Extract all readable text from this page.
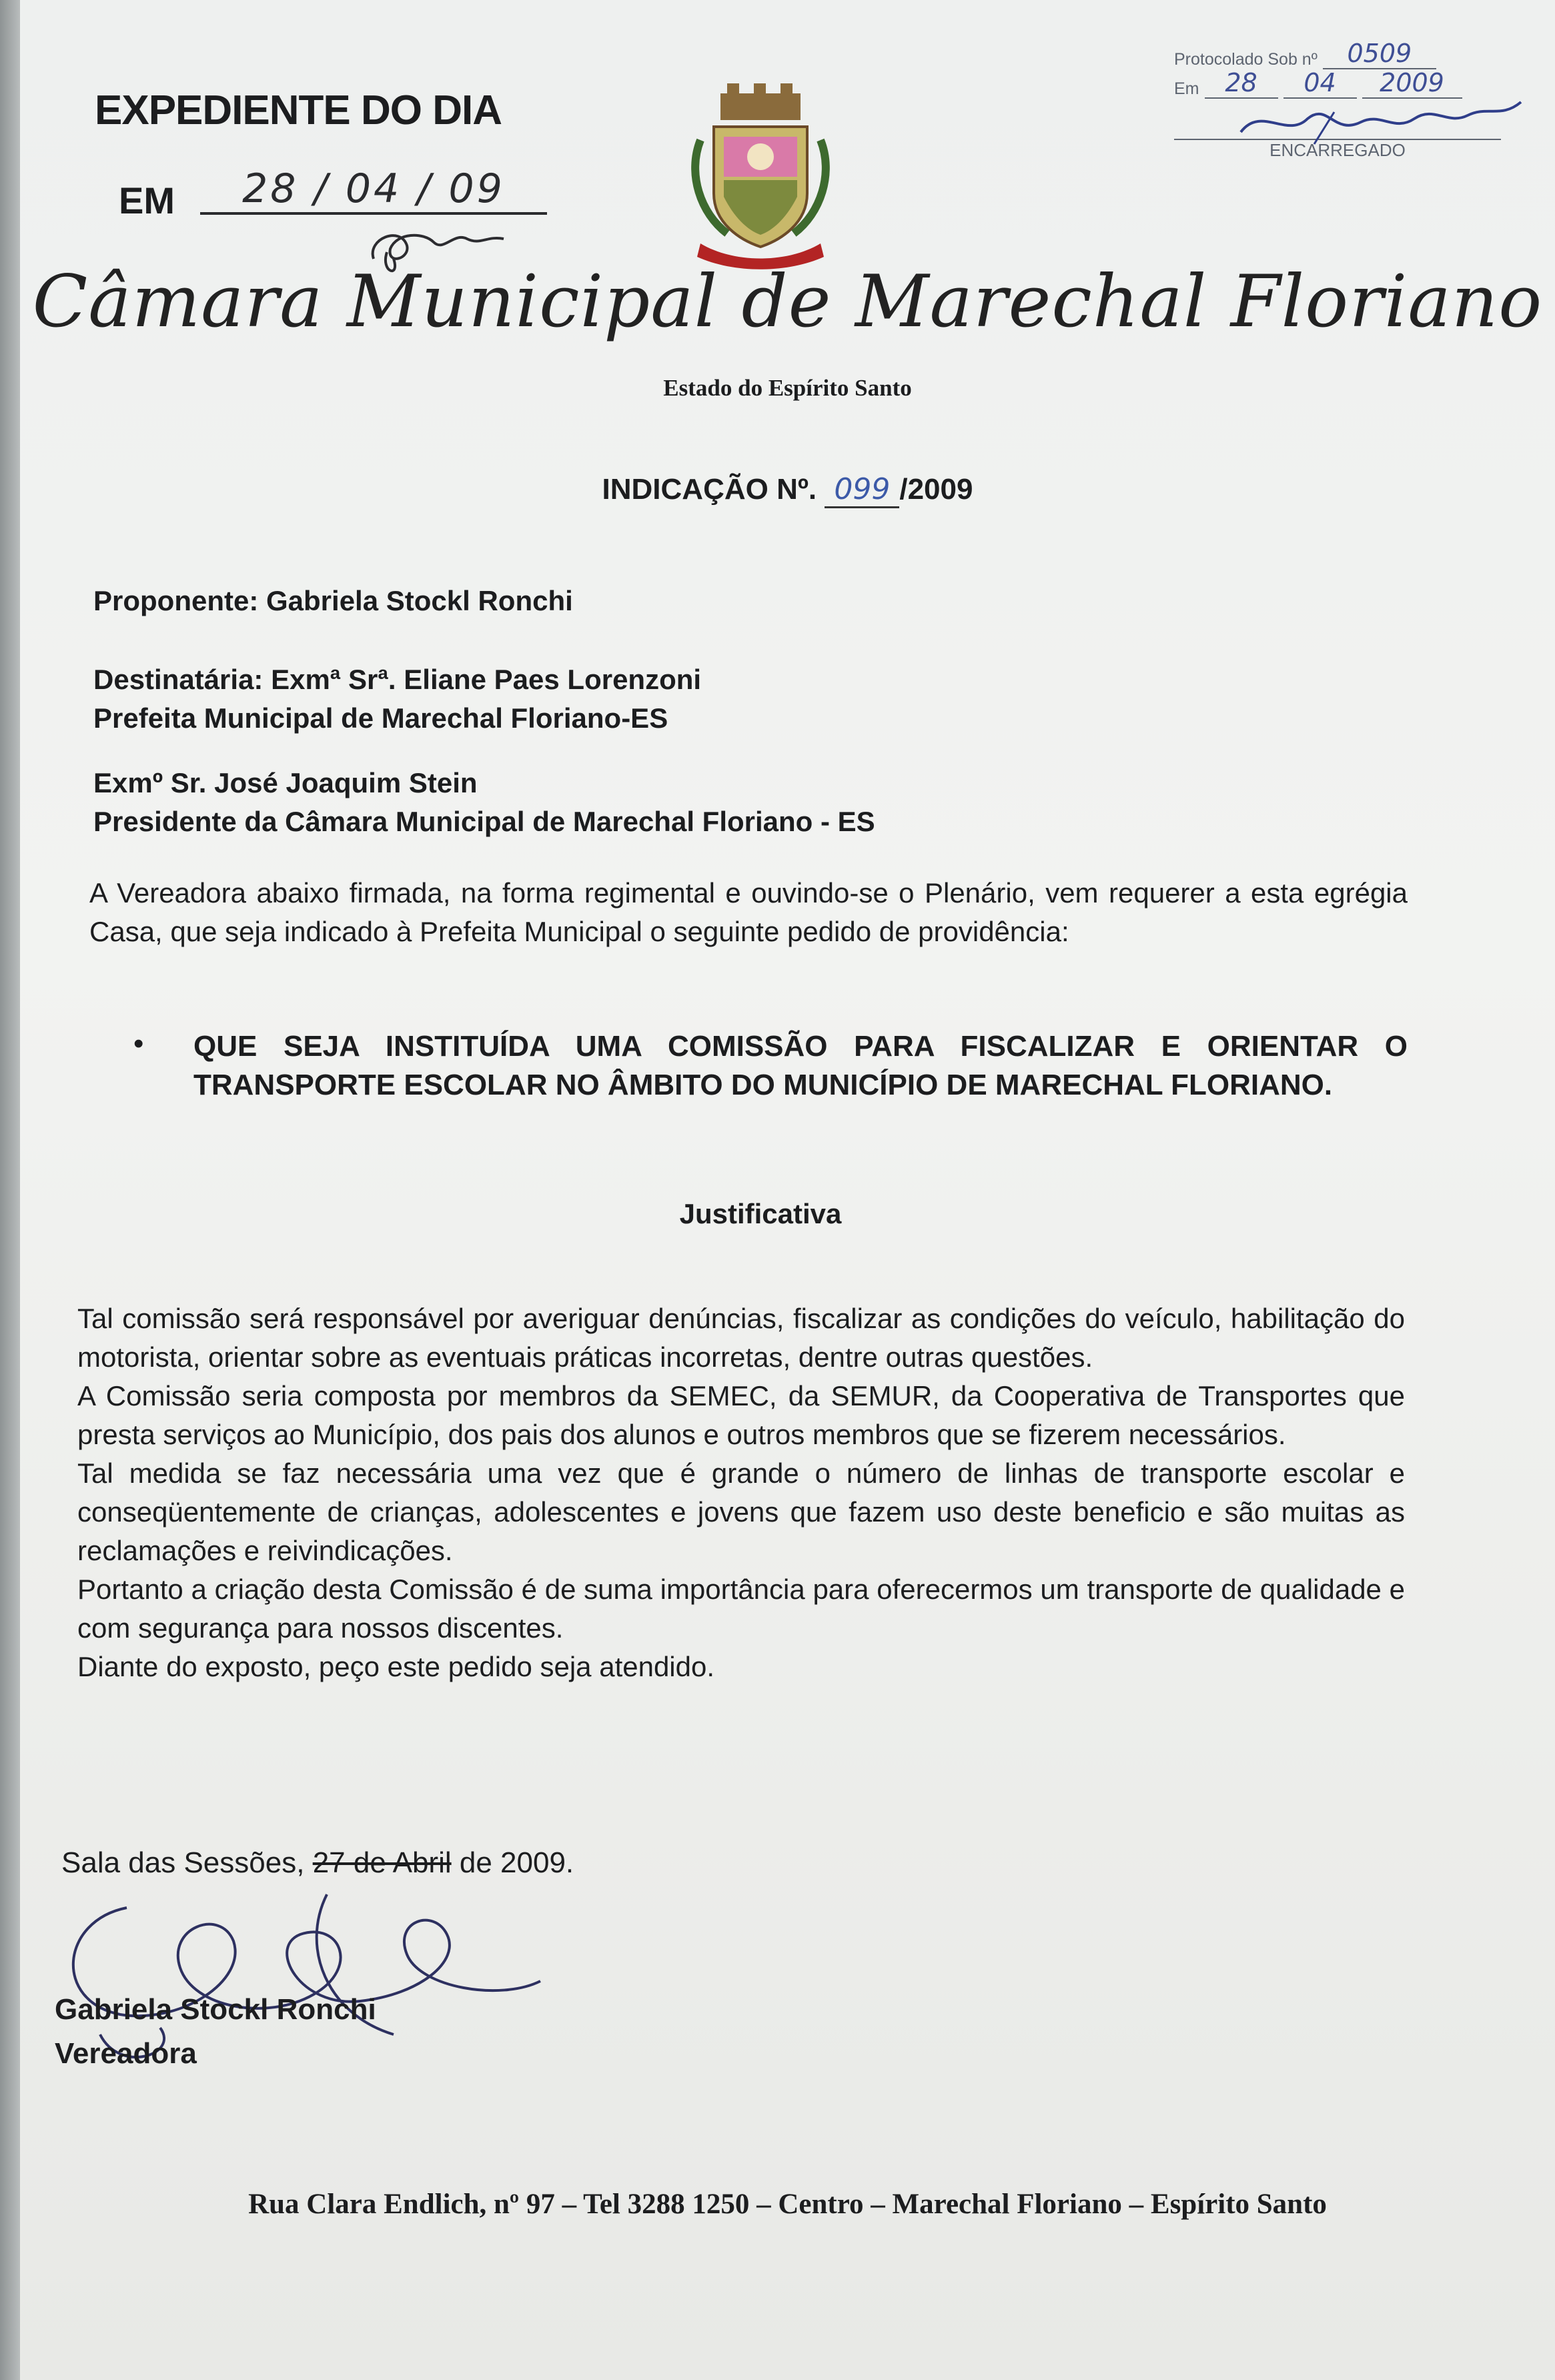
EXPEDIENTE DO DIA
EM	28 / 04 / 09
Protocolado Sob nº	0509
Em	28	04	2009
ENCARREGADO
Câmara Municipal de Marechal Floriano
Estado do Espírito Santo
INDICAÇÃO Nº. 099 /2009
Proponente: Gabriela Stockl Ronchi
Destinatária: Exmª Srª. Eliane Paes Lorenzoni
Prefeita Municipal de Marechal Floriano-ES
Exmº Sr. José Joaquim Stein
Presidente da Câmara Municipal de Marechal Floriano - ES
A Vereadora abaixo firmada, na forma regimental e ouvindo-se o Plenário, vem requerer a esta egrégia Casa, que seja indicado à Prefeita Municipal o seguinte pedido de providência:
•	QUE SEJA INSTITUÍDA UMA COMISSÃO PARA FISCALIZAR E ORIENTAR O TRANSPORTE ESCOLAR NO ÂMBITO DO MUNICÍPIO DE MARECHAL FLORIANO.
Justificativa
Tal comissão será responsável por averiguar denúncias, fiscalizar as condições do veículo, habilitação do motorista, orientar sobre as eventuais práticas incorretas, dentre outras questões.
A Comissão seria composta por membros da SEMEC, da SEMUR, da Cooperativa de Transportes que presta serviços ao Município, dos pais dos alunos e outros membros que se fizerem necessários.
Tal medida se faz necessária uma vez que é grande o número de linhas de transporte escolar e conseqüentemente de crianças, adolescentes e jovens que fazem uso deste beneficio e são muitas as reclamações e reivindicações.
Portanto a criação desta Comissão é de suma importância para oferecermos um transporte de qualidade e com segurança para nossos discentes.
Diante do exposto, peço este pedido seja atendido.
Sala das Sessões, 27 de Abril de 2009.
Gabriela Stockl Ronchi
Vereadora
Rua Clara Endlich, nº 97 – Tel 3288 1250 – Centro – Marechal Floriano – Espírito Santo
